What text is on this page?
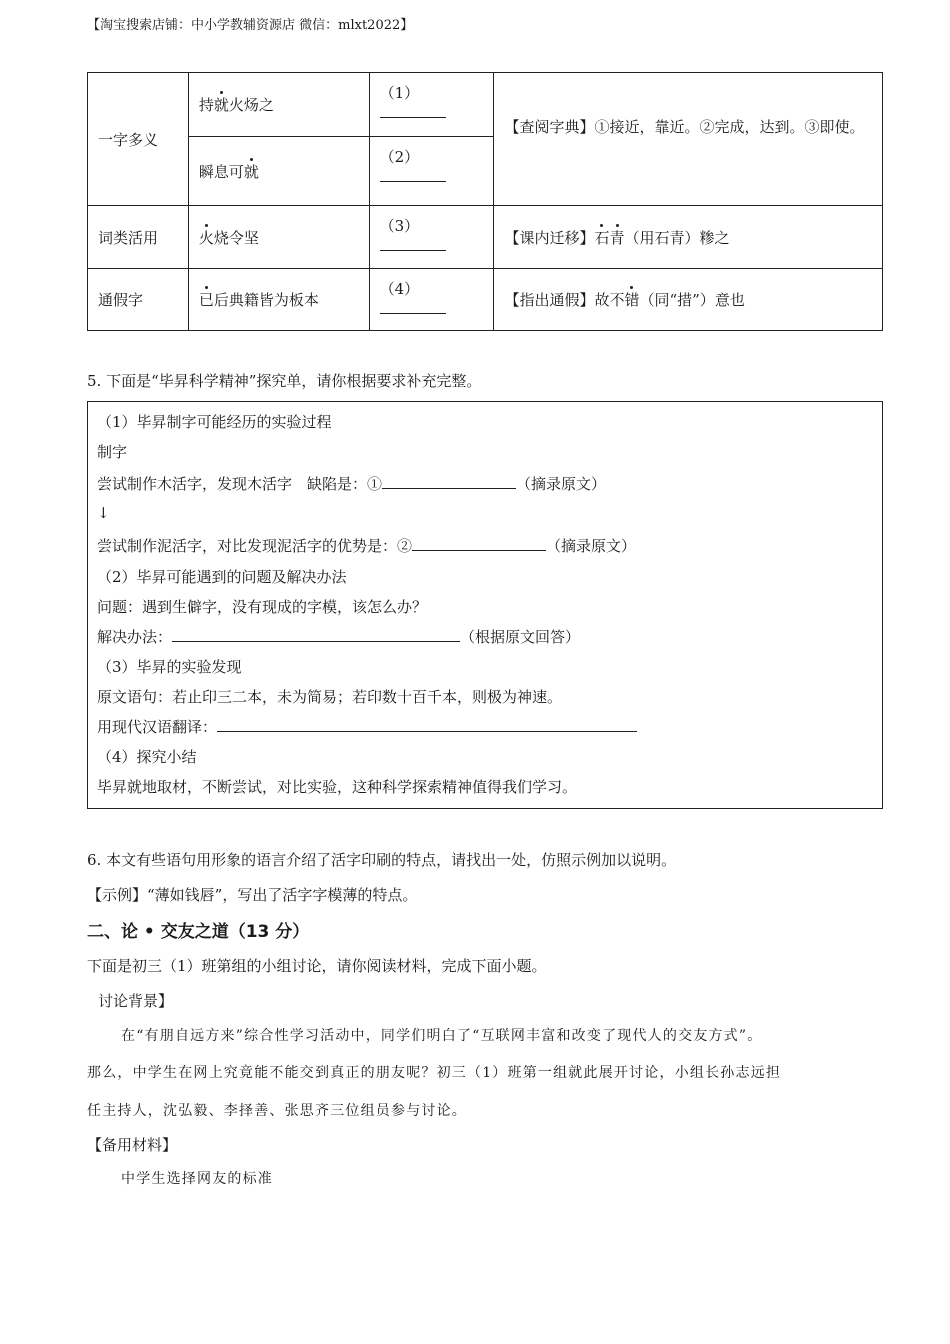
【淘宝搜索店铺：中小学教辅资源店 微信：mlxt2022】
一字多义	持就火炀之	（1）	【查阅字典】①接近，靠近。②完成，达到。③即使。
	瞬息可就	（2）	

词类活用	火烧令坚	（3）	【课内迁移】石青（用石青）糁之
通假字	已后典籍皆为板本	（4）	【指出通假】故不错（同“措”）意也
5. 下面是“毕昇科学精神”探究单，请你根据要求补充完整。
（1）毕昇制字可能经历的实验过程
制字
尝试制作木活字，发现木活字　缺陷是：①	（摘录原文）
↓
尝试制作泥活字，对比发现泥活字的优势是：②	（摘录原文）
（2）毕昇可能遇到的问题及解决办法
问题：遇到生僻字，没有现成的字模，该怎么办？
解决办法：	（根据原文回答）
（3）毕昇的实验发现
原文语句：若止印三二本，未为简易；若印数十百千本，则极为神速。
用现代汉语翻译：
（4）探究小结
毕昇就地取材，不断尝试，对比实验，这种科学探索精神值得我们学习。
6. 本文有些语句用形象的语言介绍了活字印刷的特点，请找出一处，仿照示例加以说明。
【示例】“薄如钱唇”，写出了活字字模薄的特点。
二、论 • 交友之道（13 分）
下面是初三（1）班第组的小组讨论，请你阅读材料，完成下面小题。
讨论背景】
在“有朋自远方来”综合性学习活动中，同学们明白了“互联网丰富和改变了现代人的交友方式”。
那么，中学生在网上究竟能不能交到真正的朋友呢？初三（1）班第一组就此展开讨论，小组长孙志远担
任主持人，沈弘毅、李择善、张思齐三位组员参与讨论。
【备用材料】
中学生选择网友的标准
